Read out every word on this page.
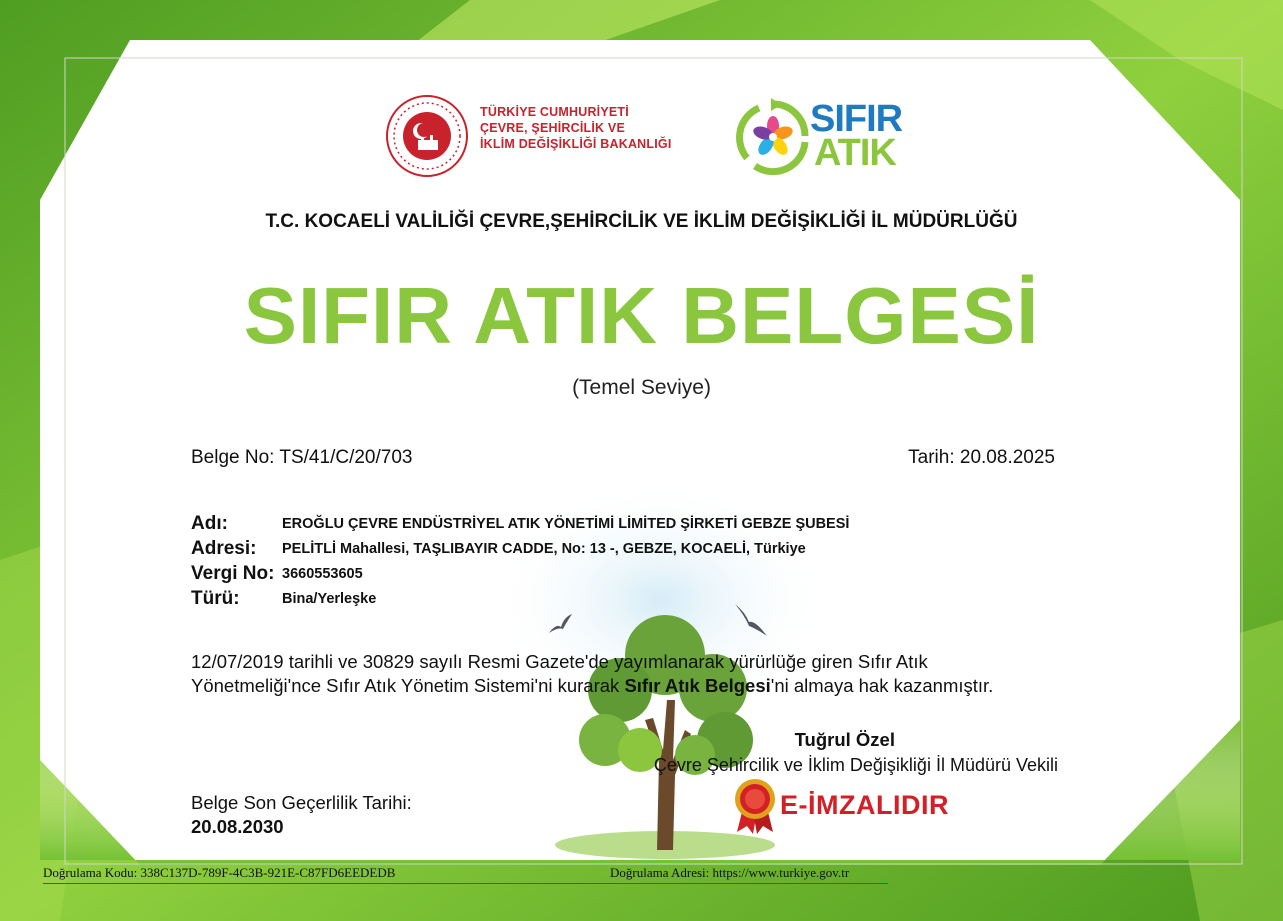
TÜRKİYE CUMHURİYETİ
ÇEVRE, ŞEHİRCİLİK VE
İKLİM DEĞİŞİKLİĞİ BAKANLIĞI
SIFIR
ATIK
T.C. KOCAELİ VALİLİĞİ ÇEVRE,ŞEHİRCİLİK VE İKLİM DEĞİŞİKLİĞİ İL MÜDÜRLÜĞÜ
SIFIR ATIK BELGESİ
(Temel Seviye)
Belge No: TS/41/C/20/703	Tarih: 20.08.2025
Adı:	EROĞLU ÇEVRE ENDÜSTRİYEL ATIK YÖNETİMİ LİMİTED ŞİRKETİ GEBZE ŞUBESİ
Adresi: PELİTLİ Mahallesi, TAŞLIBAYIR CADDE, No: 13 -, GEBZE, KOCAELİ, Türkiye
Vergi No: 3660553605
Türü:	Bina/Yerleşke
12/07/2019 tarihli ve 30829 sayılı Resmi Gazete'de yayımlanarak yürürlüğe giren Sıfır Atık Yönetmeliği'nce Sıfır Atık Yönetim Sistemi'ni kurarak Sıfır Atık Belgesi'ni almaya hak kazanmıştır.
Tuğrul Özel
Çevre Şehircilik ve İklim Değişikliği İl Müdürü Vekili
Belge Son Geçerlilik Tarihi:
20.08.2030
E-İMZALIDIR
Doğrulama Kodu: 338C137D-789F-4C3B-921E-C87FD6EEDEDB	Doğrulama Adresi: https://www.turkiye.gov.tr
